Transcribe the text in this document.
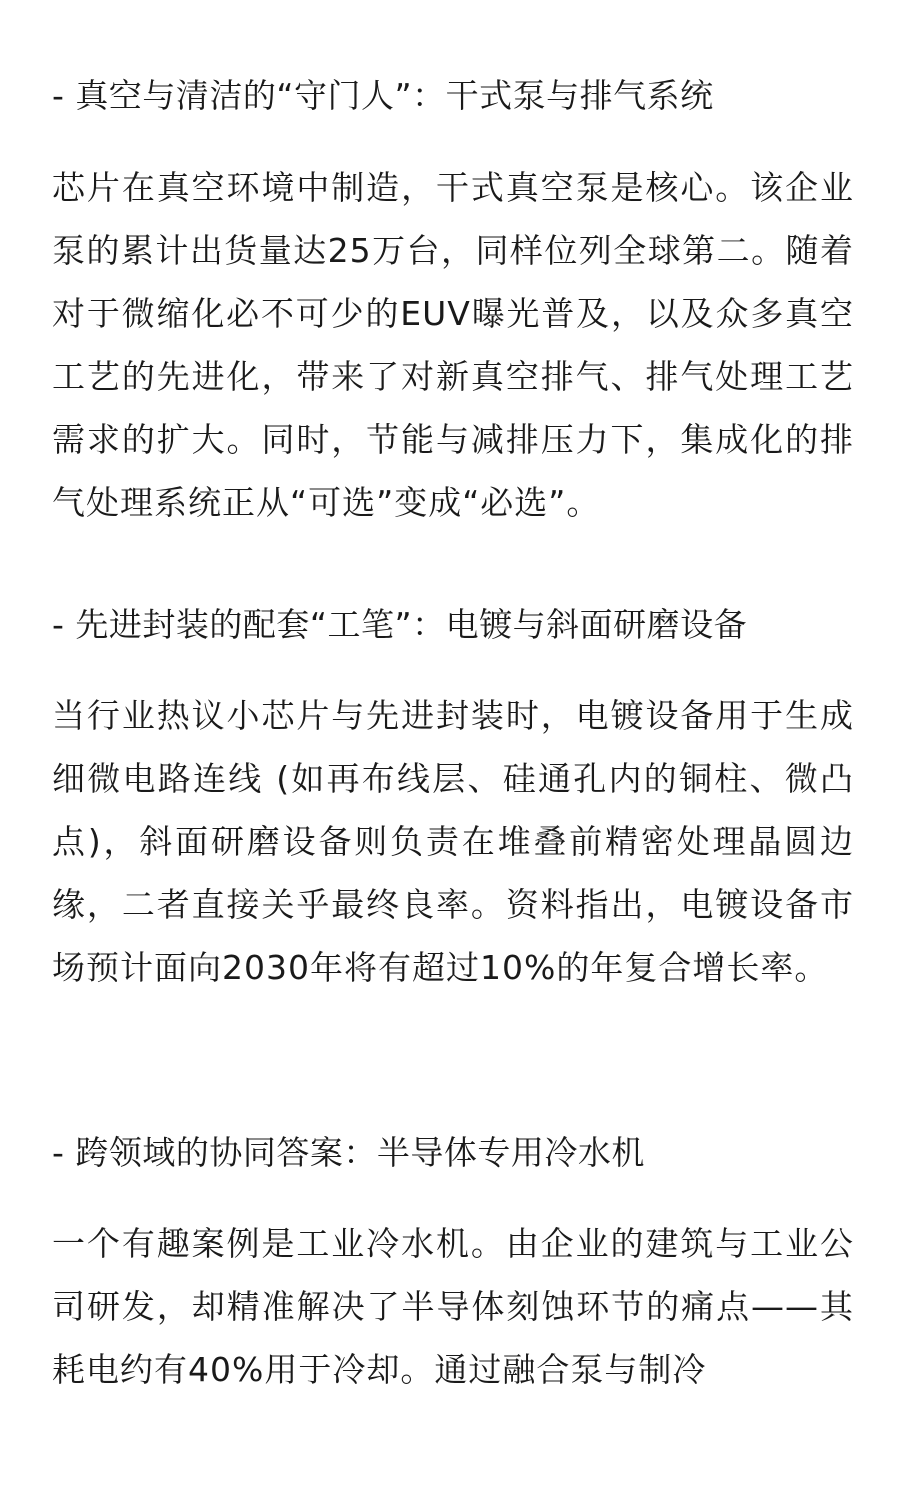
- 真空与清洁的“守门人”：干式泵与排气系统

芯片在真空环境中制造，干式真空泵是核心。该企业泵的累计出货量达25万台，同样位列全球第二。随着对于微缩化必不可少的EUV曝光普及，以及众多真空工艺的先进化，带来了对新真空排气、排气处理工艺需求的扩大。同时，节能与减排压力下，集成化的排气处理系统正从“可选”变成“必选”。

- 先进封装的配套“工笔”：电镀与斜面研磨设备

当行业热议小芯片与先进封装时，电镀设备用于生成细微电路连线 (如再布线层、硅通孔内的铜柱、微凸点)，斜面研磨设备则负责在堆叠前精密处理晶圆边缘，二者直接关乎最终良率。资料指出，电镀设备市场预计面向2030年将有超过10%的年复合增长率。

- 跨领域的协同答案：半导体专用冷水机

一个有趣案例是工业冷水机。由企业的建筑与工业公司研发，却精准解决了半导体刻蚀环节的痛点——其耗电约有40%用于冷却。通过融合泵与制冷
